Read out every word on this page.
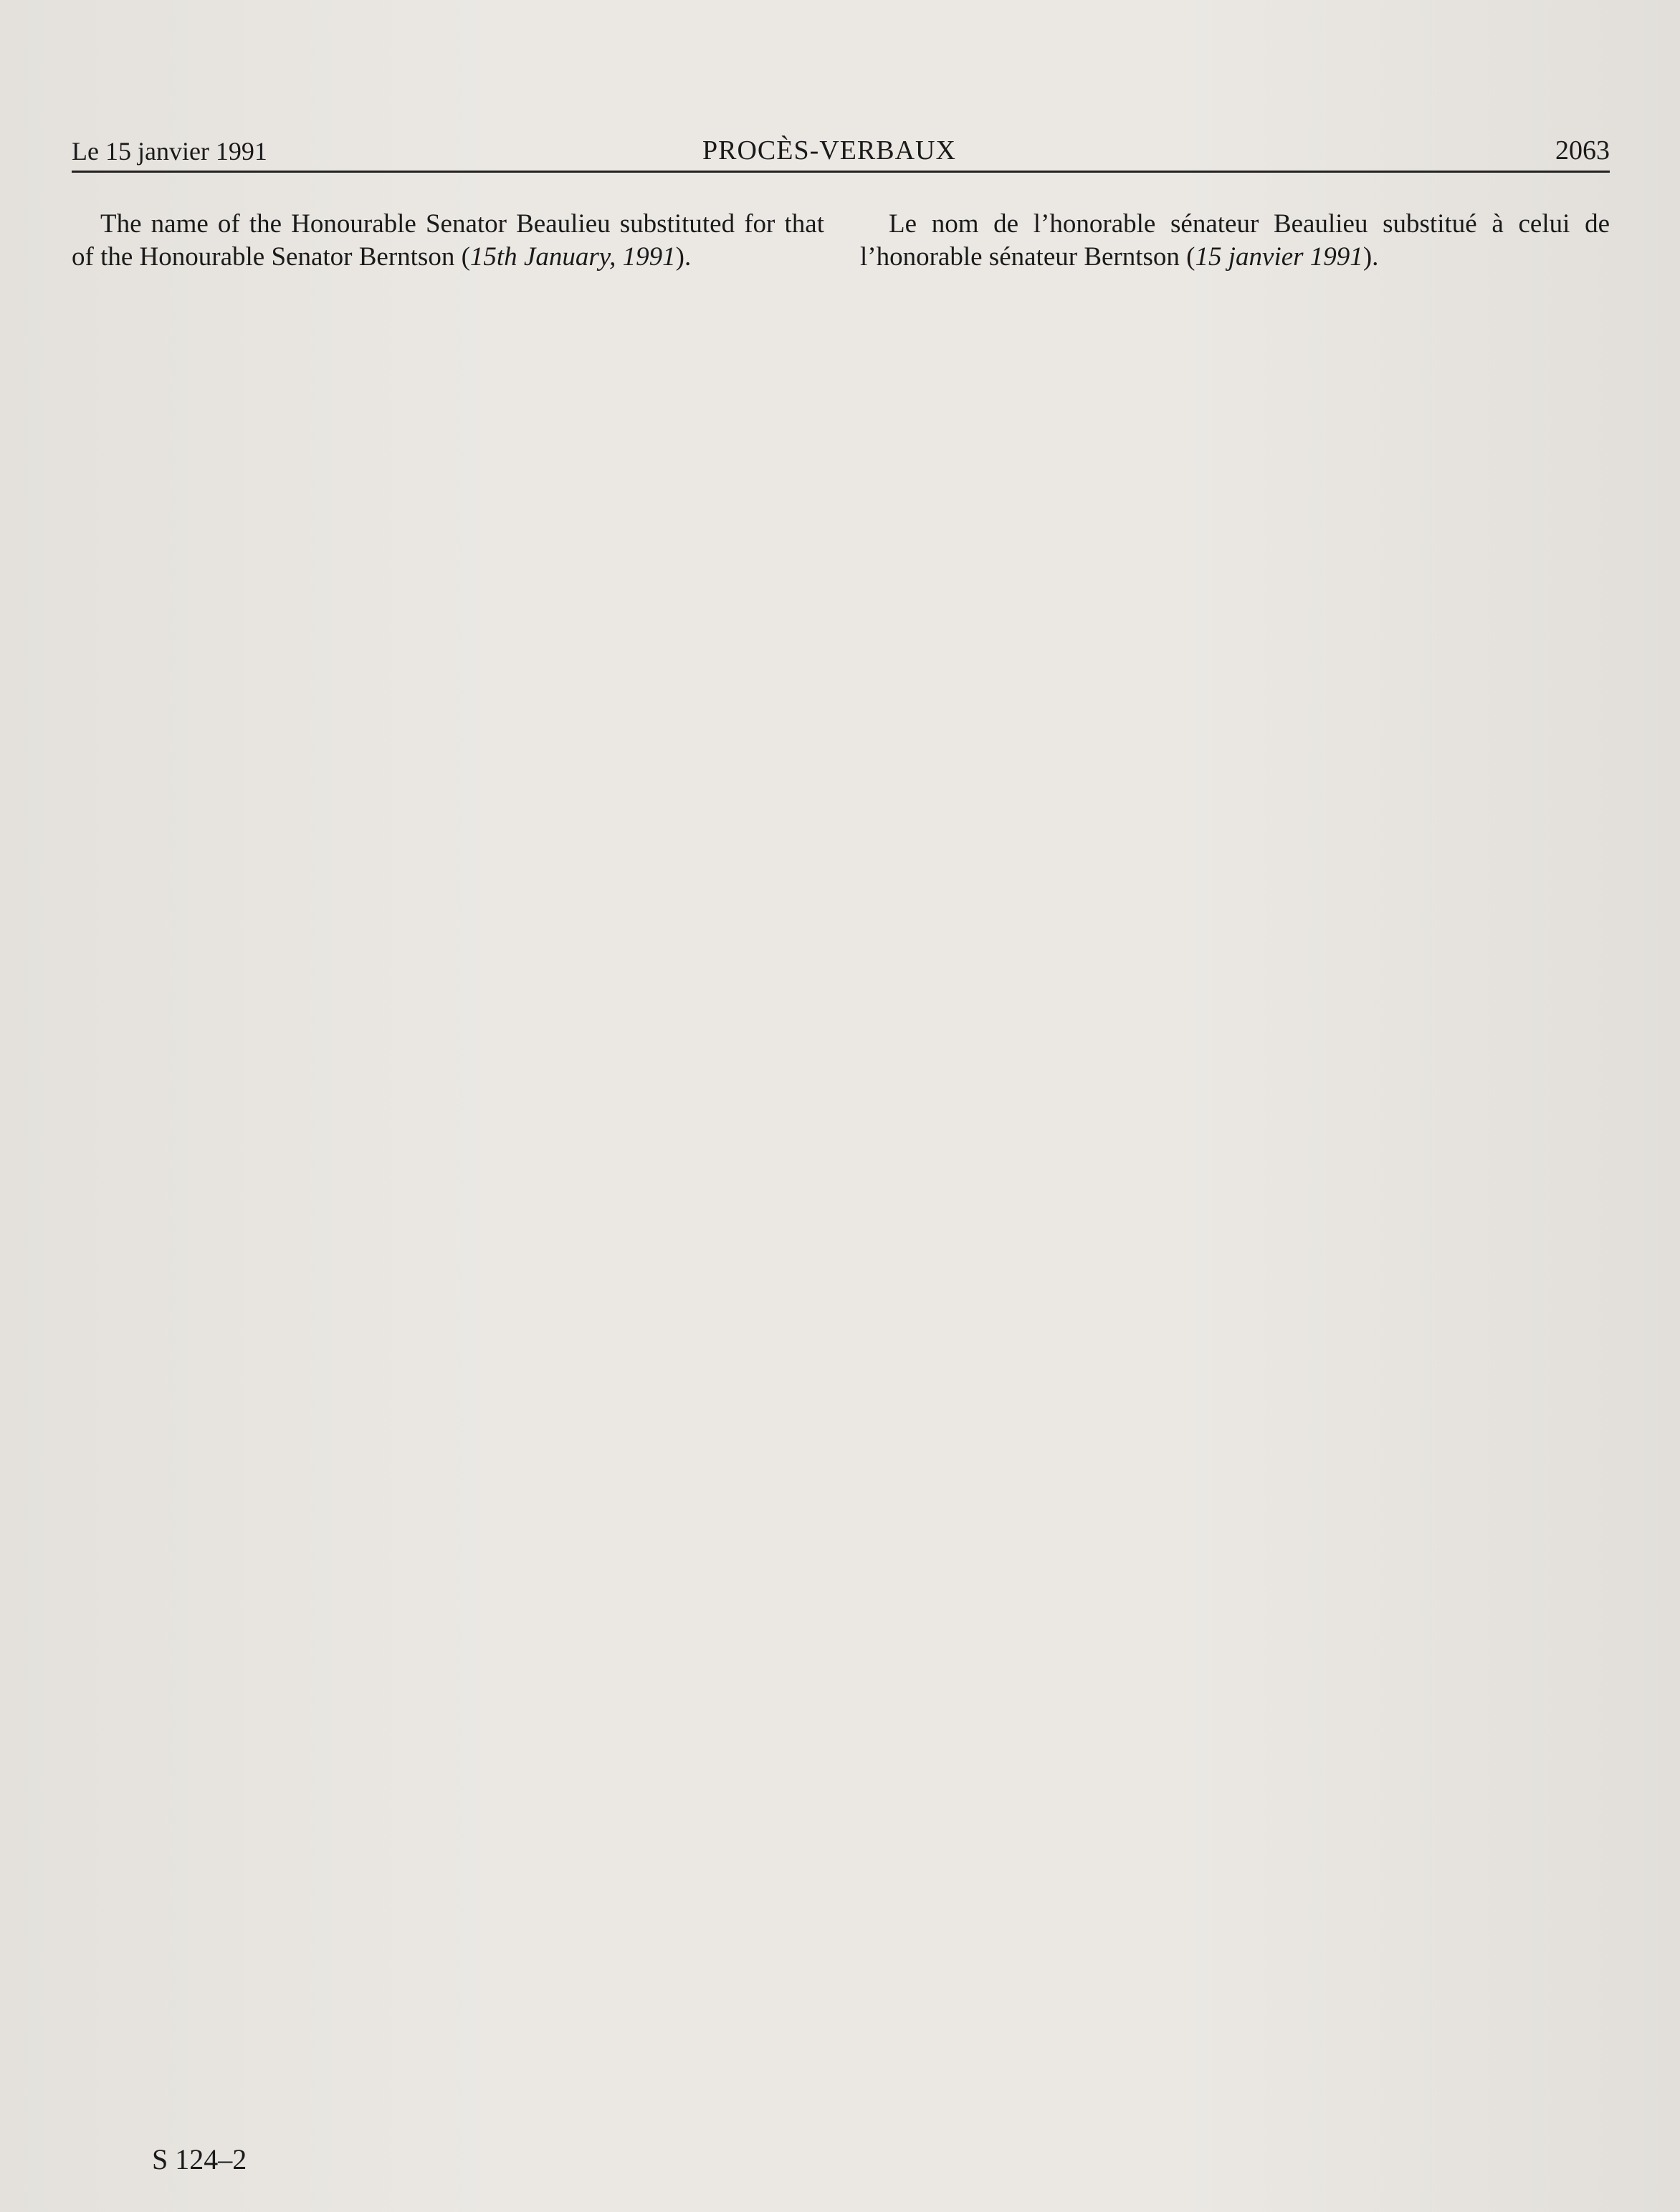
Le 15 janvier 1991	PROCÈS-VERBAUX	2063
The name of the Honourable Senator Beaulieu substituted for that of the Honourable Senator Berntson (15th January, 1991).
Le nom de l’honorable sénateur Beaulieu substitué à celui de l’honorable sénateur Berntson (15 janvier 1991).
S 124–2
